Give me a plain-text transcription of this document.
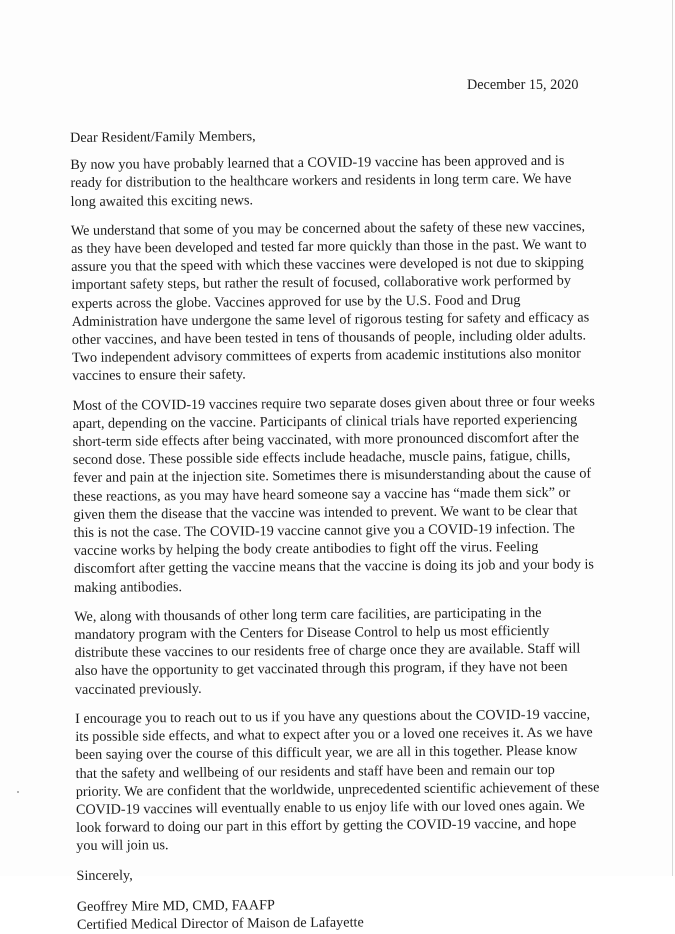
December 15, 2020

Dear Resident/Family Members,

By now you have probably learned that a COVID-19 vaccine has been approved and is ready for distribution to the healthcare workers and residents in long term care. We have long awaited this exciting news.

We understand that some of you may be concerned about the safety of these new vaccines, as they have been developed and tested far more quickly than those in the past. We want to assure you that the speed with which these vaccines were developed is not due to skipping important safety steps, but rather the result of focused, collaborative work performed by experts across the globe. Vaccines approved for use by the U.S. Food and Drug Administration have undergone the same level of rigorous testing for safety and efficacy as other vaccines, and have been tested in tens of thousands of people, including older adults. Two independent advisory committees of experts from academic institutions also monitor vaccines to ensure their safety.

Most of the COVID-19 vaccines require two separate doses given about three or four weeks apart, depending on the vaccine. Participants of clinical trials have reported experiencing short-term side effects after being vaccinated, with more pronounced discomfort after the second dose. These possible side effects include headache, muscle pains, fatigue, chills, fever and pain at the injection site. Sometimes there is misunderstanding about the cause of these reactions, as you may have heard someone say a vaccine has “made them sick” or given them the disease that the vaccine was intended to prevent. We want to be clear that this is not the case. The COVID-19 vaccine cannot give you a COVID-19 infection. The vaccine works by helping the body create antibodies to fight off the virus. Feeling discomfort after getting the vaccine means that the vaccine is doing its job and your body is making antibodies.

We, along with thousands of other long term care facilities, are participating in the mandatory program with the Centers for Disease Control to help us most efficiently distribute these vaccines to our residents free of charge once they are available. Staff will also have the opportunity to get vaccinated through this program, if they have not been vaccinated previously.

I encourage you to reach out to us if you have any questions about the COVID-19 vaccine, its possible side effects, and what to expect after you or a loved one receives it. As we have been saying over the course of this difficult year, we are all in this together. Please know that the safety and wellbeing of our residents and staff have been and remain our top priority. We are confident that the worldwide, unprecedented scientific achievement of these COVID-19 vaccines will eventually enable to us enjoy life with our loved ones again. We look forward to doing our part in this effort by getting the COVID-19 vaccine, and hope you will join us.

Sincerely,

Geoffrey Mire MD, CMD, FAAFP

Certified Medical Director of Maison de Lafayette
